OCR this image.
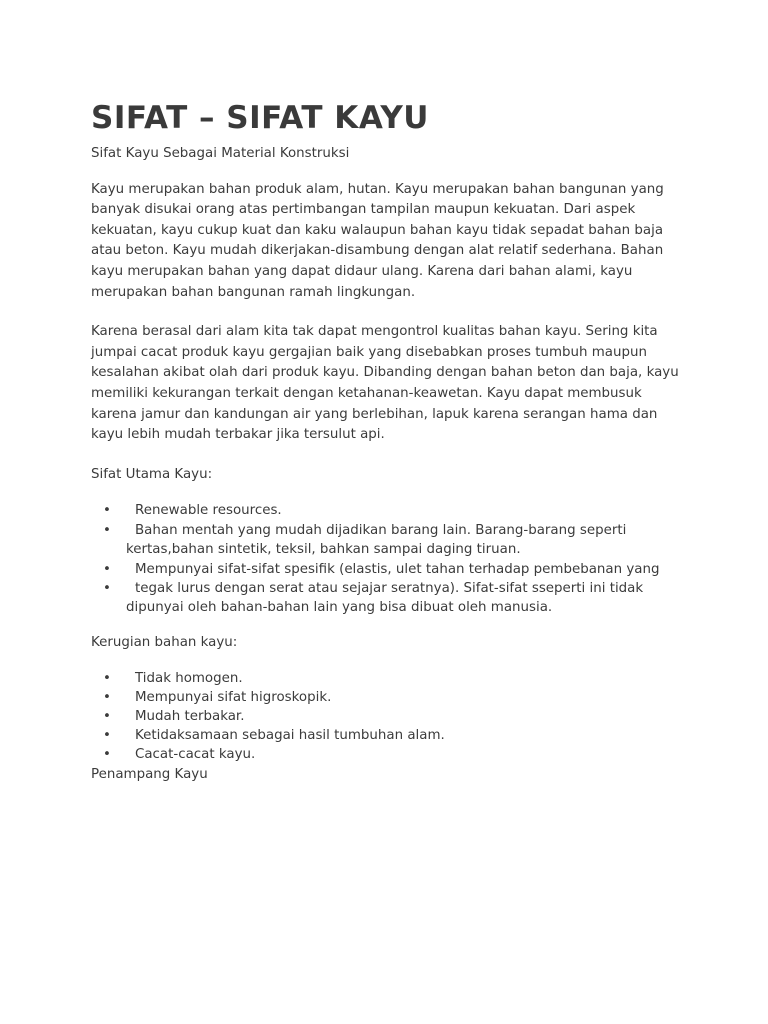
SIFAT – SIFAT KAYU

Sifat Kayu Sebagai Material Konstruksi

Kayu merupakan bahan produk alam, hutan. Kayu merupakan bahan bangunan yang banyak disukai orang atas pertimbangan tampilan maupun kekuatan. Dari aspek kekuatan, kayu cukup kuat dan kaku walaupun bahan kayu tidak sepadat bahan baja atau beton. Kayu mudah dikerjakan-disambung dengan alat relatif sederhana. Bahan kayu merupakan bahan yang dapat didaur ulang. Karena dari bahan alami, kayu merupakan bahan bangunan ramah lingkungan.

Karena berasal dari alam kita tak dapat mengontrol kualitas bahan kayu. Sering kita jumpai cacat produk kayu gergajian baik yang disebabkan proses tumbuh maupun kesalahan akibat olah dari produk kayu. Dibanding dengan bahan beton dan baja, kayu memiliki kekurangan terkait dengan ketahanan-keawetan. Kayu dapat membusuk karena jamur dan kandungan air yang berlebihan, lapuk karena serangan hama dan kayu lebih mudah terbakar jika tersulut api.

Sifat Utama Kayu:

• Renewable resources.
• Bahan mentah yang mudah dijadikan barang lain. Barang-barang seperti kertas,bahan sintetik, teksil, bahkan sampai daging tiruan.
• Mempunyai sifat-sifat spesifik (elastis, ulet tahan terhadap pembebanan yang
• tegak lurus dengan serat atau sejajar seratnya). Sifat-sifat sseperti ini tidak dipunyai oleh bahan-bahan lain yang bisa dibuat oleh manusia.

Kerugian bahan kayu:

• Tidak homogen.
• Mempunyai sifat higroskopik.
• Mudah terbakar.
• Ketidaksamaan sebagai hasil tumbuhan alam.
• Cacat-cacat kayu.

Penampang Kayu
